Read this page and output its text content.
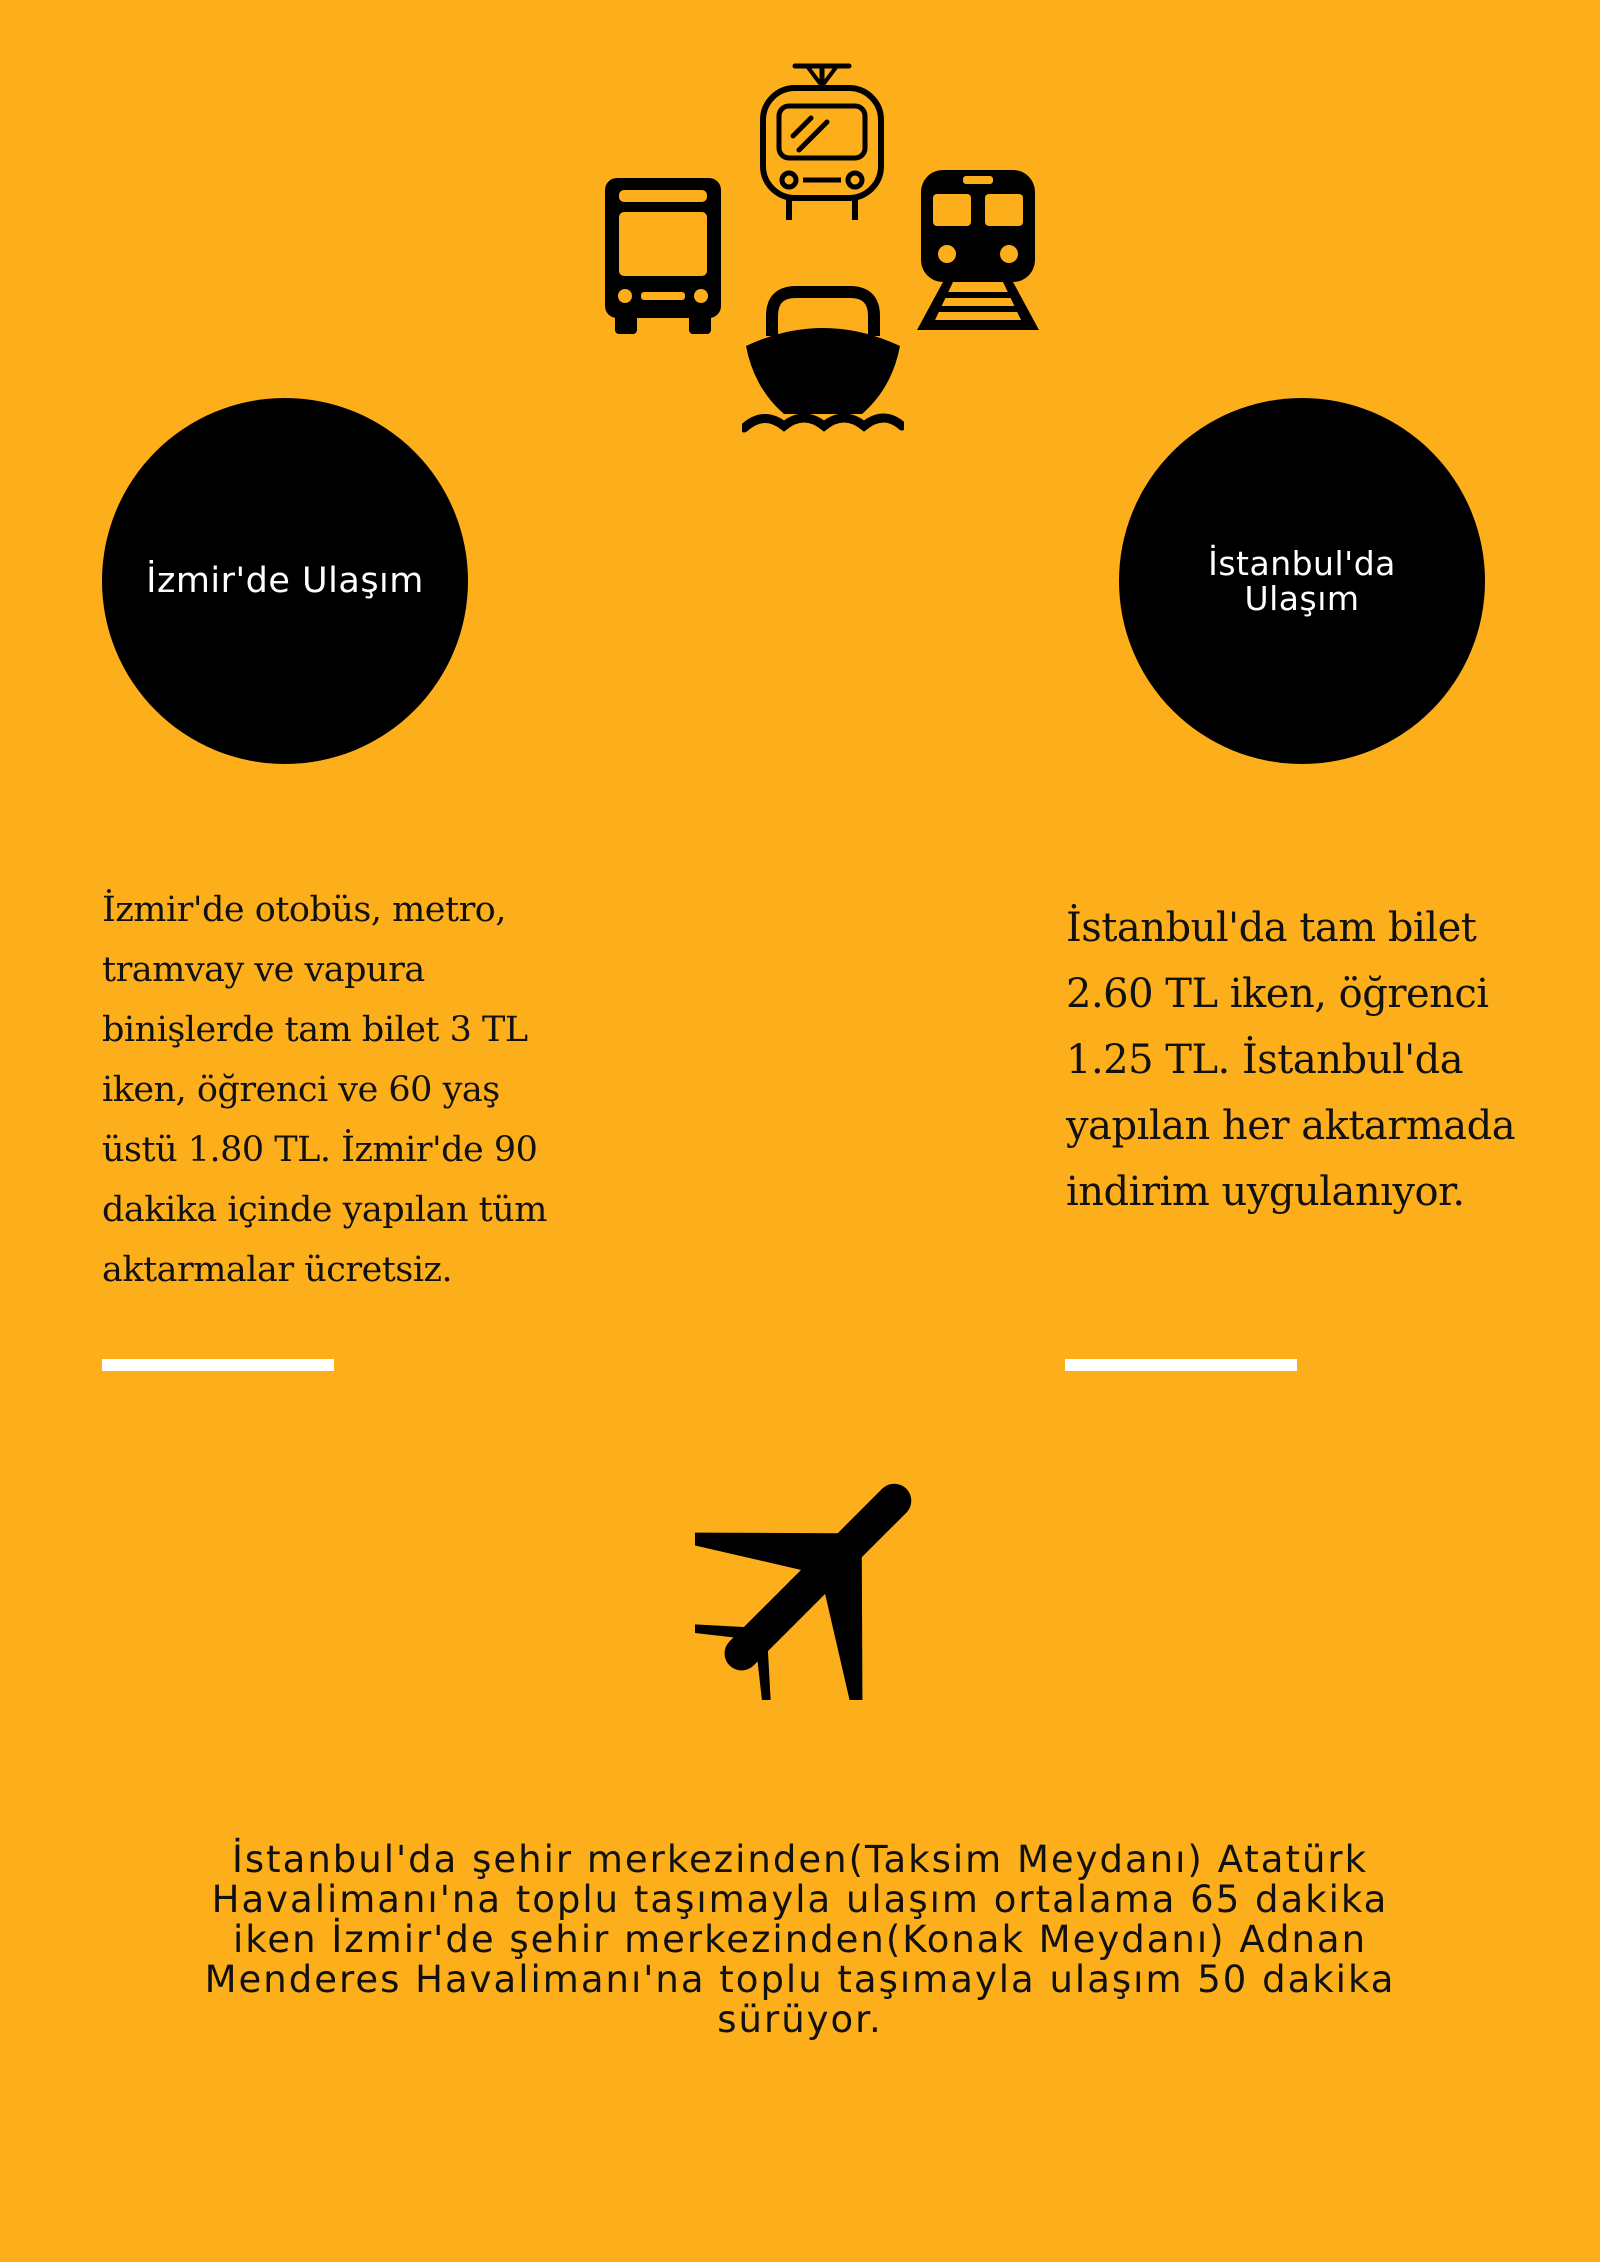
İzmir'de Ulaşım	İstanbul'da Ulaşım
İzmir'de otobüs, metro, tramvay ve vapura binişlerde tam bilet 3 TL iken, öğrenci ve 60 yaş üstü 1.80 TL. İzmir'de 90 dakika içinde yapılan tüm aktarmalar ücretsiz.
İstanbul'da tam bilet 2.60 TL iken, öğrenci 1.25 TL. İstanbul'da yapılan her aktarmada indirim uygulanıyor.
İstanbul'da şehir merkezinden(Taksim Meydanı) Atatürk Havalimanı'na toplu taşımayla ulaşım ortalama 65 dakika iken İzmir'de şehir merkezinden(Konak Meydanı) Adnan Menderes Havalimanı'na toplu taşımayla ulaşım 50 dakika sürüyor.
